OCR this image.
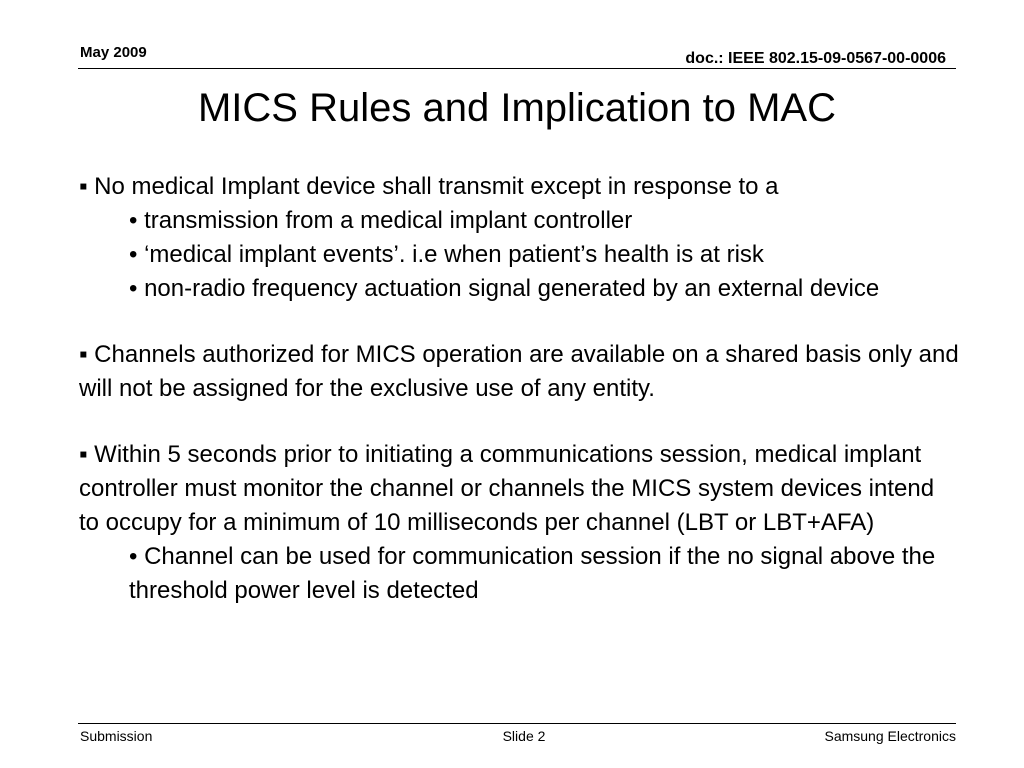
May 2009	doc.: IEEE 802.15-09-0567-00-0006
MICS Rules and Implication to MAC

▪ No medical Implant device shall transmit except in response to a

• transmission from a medical implant controller

• ‘medical implant events’. i.e when patient’s health is at risk

• non-radio frequency actuation signal generated by an external device

▪ Channels authorized for MICS operation are available on a shared basis only and will not be assigned for the exclusive use of any entity.

▪ Within 5 seconds prior to initiating a communications session, medical implant controller must monitor the channel or channels the MICS system devices intend to occupy for a minimum of 10 milliseconds per channel (LBT or LBT+AFA)

• Channel can be used for communication session if the no signal above the threshold power level is detected

Submission	Slide 2	Samsung Electronics
